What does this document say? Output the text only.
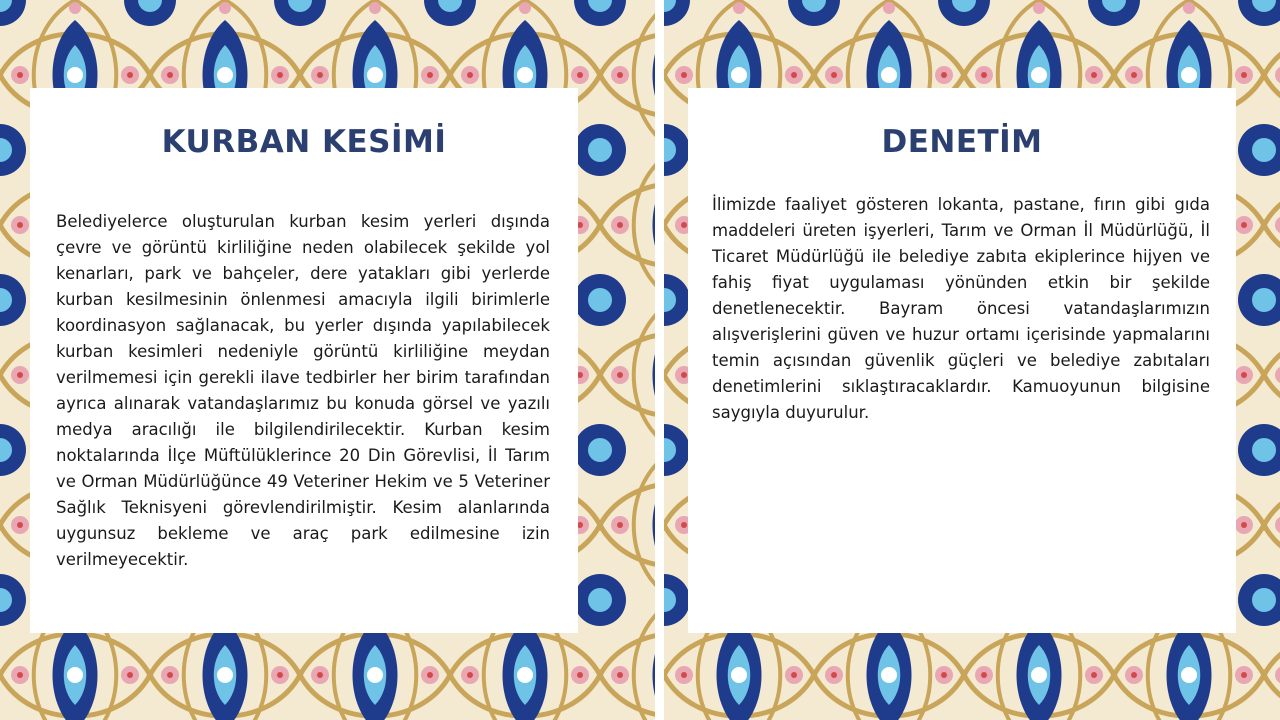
KURBAN KESİMİ

Belediyelerce oluşturulan kurban kesim yerleri dışında çevre ve görüntü kirliliğine neden olabilecek şekilde yol kenarları, park ve bahçeler, dere yatakları gibi yerlerde kurban kesilmesinin önlenmesi amacıyla ilgili birimlerle koordinasyon sağlanacak, bu yerler dışında yapılabilecek kurban kesimleri nedeniyle görüntü kirliliğine meydan verilmemesi için gerekli ilave tedbirler her birim tarafından ayrıca alınarak vatandaşlarımız bu konuda görsel ve yazılı medya aracılığı ile bilgilendirilecektir. Kurban kesim noktalarında İlçe Müftülüklerince 20 Din Görevlisi, İl Tarım ve Orman Müdürlüğünce 49 Veteriner Hekim ve 5 Veteriner Sağlık Teknisyeni görevlendirilmiştir. Kesim alanlarında uygunsuz bekleme ve araç park edilmesine izin verilmeyecektir.

DENETİM

İlimizde faaliyet gösteren lokanta, pastane, fırın gibi gıda maddeleri üreten işyerleri, Tarım ve Orman İl Müdürlüğü, İl Ticaret Müdürlüğü ile belediye zabıta ekiplerince hijyen ve fahiş fiyat uygulaması yönünden etkin bir şekilde denetlenecektir. Bayram öncesi vatandaşlarımızın alışverişlerini güven ve huzur ortamı içerisinde yapmalarını temin açısından güvenlik güçleri ve belediye zabıtaları denetimlerini sıklaştıracaklardır. Kamuoyunun bilgisine saygıyla duyurulur.
